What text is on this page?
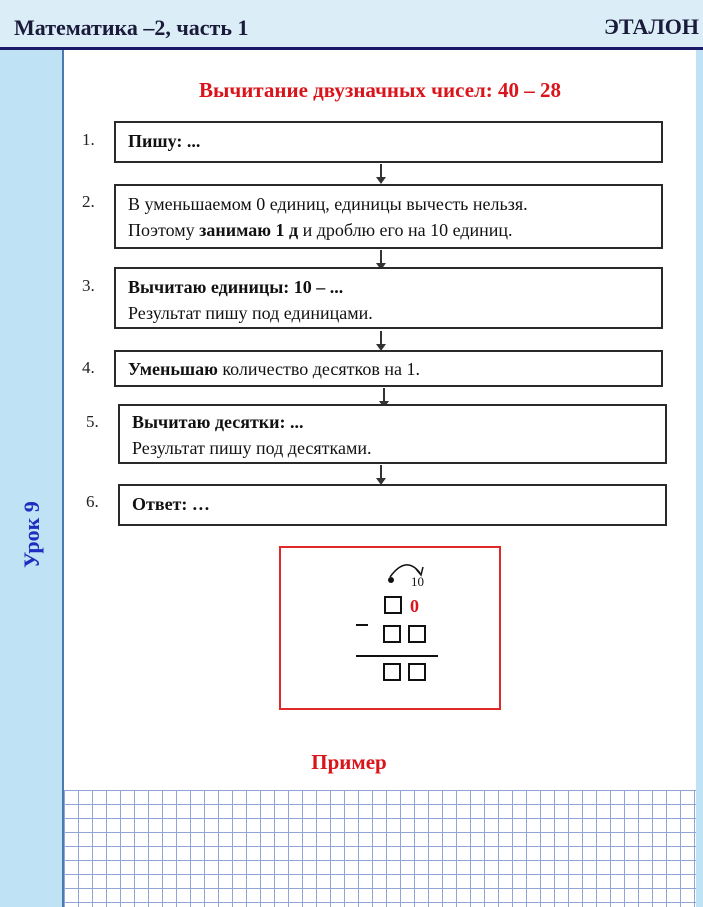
Математика –2, часть 1	ЭТАЛОН
Урок 9
Вычитание двузначных чисел: 40 – 28
1.	Пишу: ...
2. В уменьшаемом 0 единиц, единицы вычесть нельзя.
Поэтому занимаю 1 д и дроблю его на 10 единиц.
3. Вычитаю единицы: 10 – ...
Результат пишу под единицами.
4.	Уменьшаю количество десятков на 1.
5. Вычитаю десятки: ...
Результат пишу под десятками.
6.	Ответ: …
10
0
Пример
